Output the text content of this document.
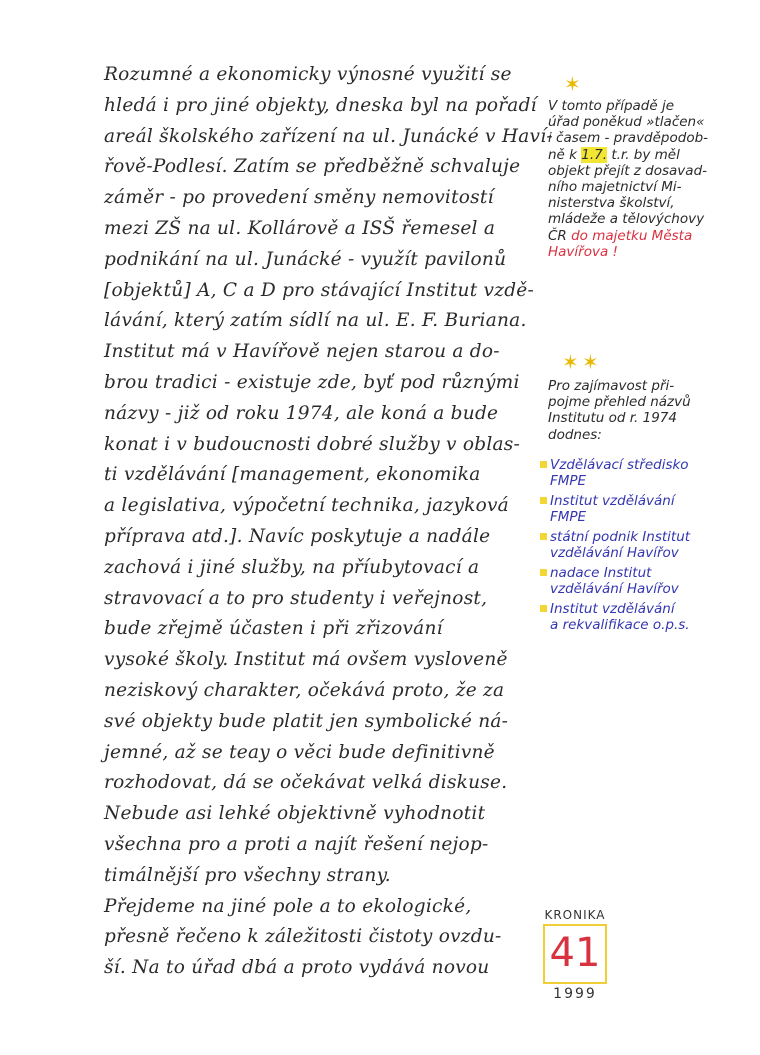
Rozumné a ekonomicky výnosné využití se
hledá i pro jiné objekty, dneska byl na pořadí
areál školského zařízení na ul. Junácké v Haví-
řově-Podlesí. Zatím se předběžně schvaluje
záměr - po provedení směny nemovitostí
mezi ZŠ na ul. Kollárově a ISŠ řemesel a
podnikání na ul. Junácké - využít pavilonů
[objektů] A, C a D pro stávající Institut vzdě-
lávání, který zatím sídlí na ul. E. F. Buriana.
Institut má v Havířově nejen starou a do-
brou tradici - existuje zde, byť pod různými
názvy - již od roku 1974, ale koná a bude
konat i v budoucnosti dobré služby v oblas-
ti vzdělávání [management, ekonomika
a legislativa, výpočetní technika, jazyková
příprava atd.]. Navíc poskytuje a nadále
zachová i jiné služby, na příubytovací a
stravovací a to pro studenty i veřejnost,
bude zřejmě účasten i při zřizování
vysoké školy. Institut má ovšem vysloveně
neziskový charakter, očekává proto, že za
své objekty bude platit jen symbolické ná-
jemné, až se teay o věci bude definitivně
rozhodovat, dá se očekávat velká diskuse.
Nebude asi lehké objektivně vyhodnotit
všechna pro a proti a najít řešení nejop-
timálnější pro všechny strany.
Přejdeme na jiné pole a to ekologické,
přesně řečeno k záležitosti čistoty ovzdu-
ší. Na to úřad dbá a proto vydává novou
✶
V tomto případě je
úřad poněkud »tlačen«
i časem - pravděpodob-
ně k 1.7. t.r. by měl
objekt přejít z dosavad-
ního majetnictví Mi-
nisterstva školství,
mládeže a tělovýchovy
ČR do majetku Města
Havířova !
✶ ✶
Pro zajímavost při-
pojme přehled názvů
Institutu od r. 1974
dodnes:
Vzdělávací středisko
FMPE
Institut vzdělávání
FMPE
státní podnik Institut
vzdělávání Havířov
nadace Institut
vzdělávání Havířov
Institut vzdělávání
a rekvalifikace o.p.s.
KRONIKA
41
1999
